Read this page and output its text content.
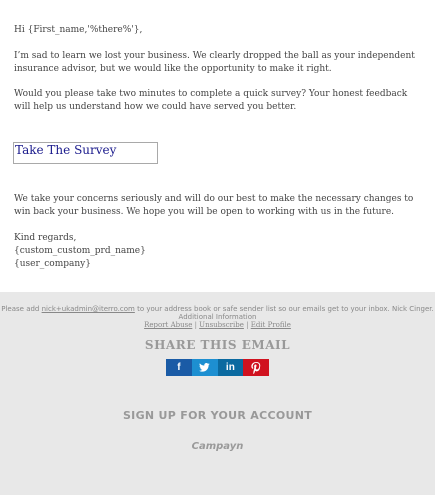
Hi {First_name,'%there%'},

I’m sad to learn we lost your business. We clearly dropped the ball as your independent insurance advisor, but we would like the opportunity to make it right.

Would you please take two minutes to complete a quick survey? Your honest feedback will help us understand how we could have served you better.

Take The Survey

We take your concerns seriously and will do our best to make the necessary changes to win back your business. We hope you will be open to working with us in the future.

Kind regards,

{custom_custom_prd_name}

{user_company}

Please add nick+ukadmin@iterro.com to your address book or safe sender list so our emails get to your inbox. Nick Cinger.
Additional Information
Report Abuse | Unsubscribe | Edit Profile
SHARE THIS EMAIL
f	in
SIGN UP FOR YOUR ACCOUNT
Campayn
